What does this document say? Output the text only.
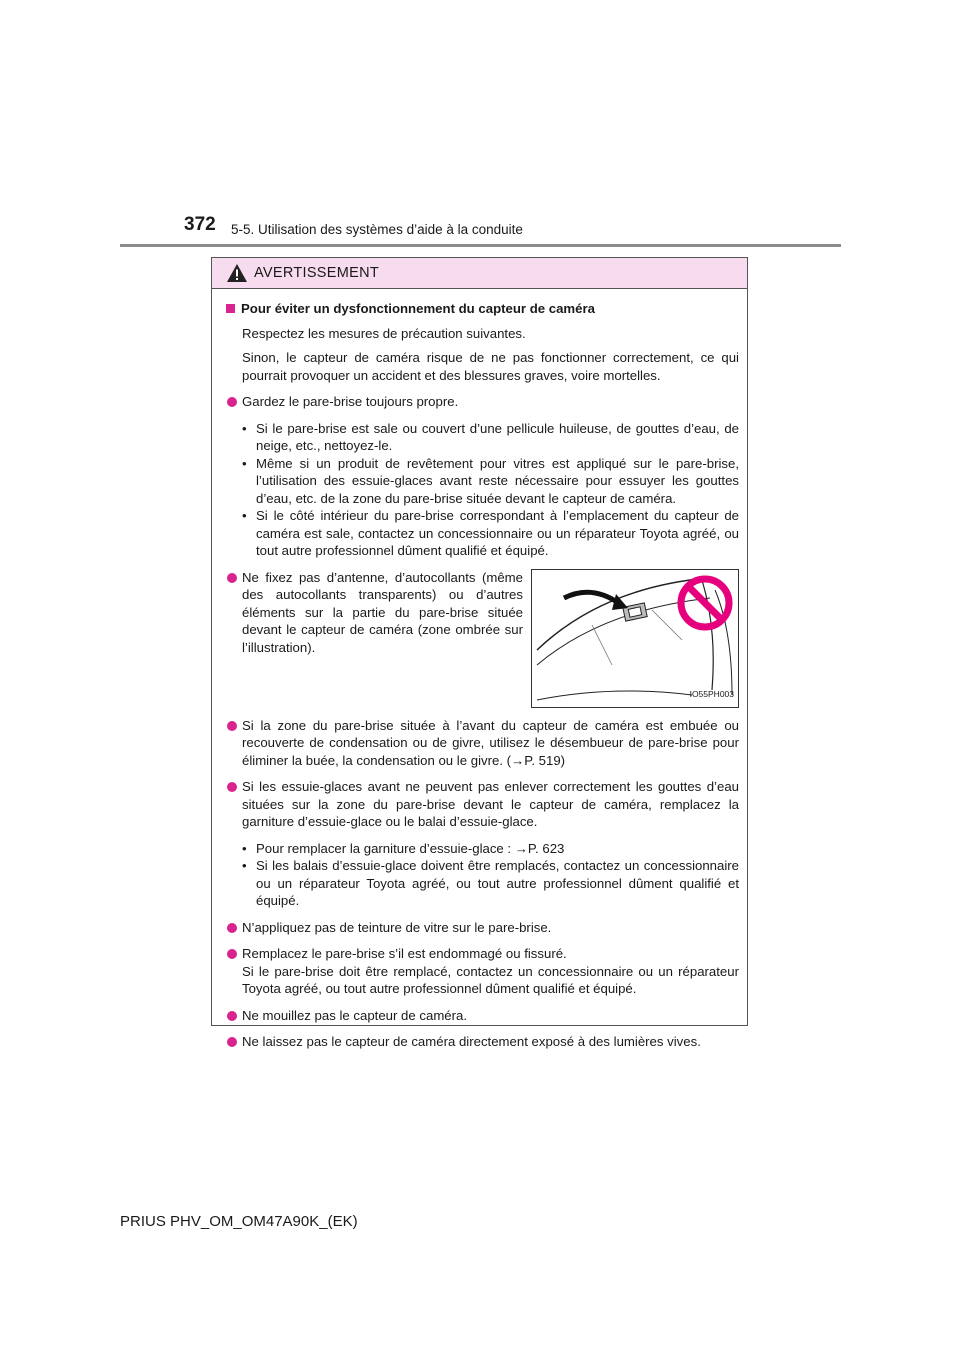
372 5-5. Utilisation des systèmes d’aide à la conduite
AVERTISSEMENT

Pour éviter un dysfonctionnement du capteur de caméra

Respectez les mesures de précaution suivantes.

Sinon, le capteur de caméra risque de ne pas fonctionner correctement, ce qui pourrait provoquer un accident et des blessures graves, voire mortelles.

Gardez le pare-brise toujours propre.
• Si le pare-brise est sale ou couvert d’une pellicule huileuse, de gouttes d’eau, de neige, etc., nettoyez-le.
• Même si un produit de revêtement pour vitres est appliqué sur le pare-brise, l’utilisation des essuie-glaces avant reste nécessaire pour essuyer les gouttes d’eau, etc. de la zone du pare-brise située devant le capteur de caméra.
• Si le côté intérieur du pare-brise correspondant à l’emplacement du capteur de caméra est sale, contactez un concessionnaire ou un réparateur Toyota agréé, ou tout autre professionnel dûment qualifié et équipé.
Ne fixez pas d’antenne, d’autocollants (même des autocollants transparents) ou d’autres éléments sur la partie du pare-brise située devant le capteur de caméra (zone ombrée sur l’illustration).
IO55PH003
Si la zone du pare-brise située à l’avant du capteur de caméra est embuée ou recouverte de condensation ou de givre, utilisez le désembueur de pare-brise pour éliminer la buée, la condensation ou le givre. (→P. 519)
Si les essuie-glaces avant ne peuvent pas enlever correctement les gouttes d’eau situées sur la zone du pare-brise devant le capteur de caméra, remplacez la garniture d’essuie-glace ou le balai d’essuie-glace.
• Pour remplacer la garniture d’essuie-glace : →P. 623
• Si les balais d’essuie-glace doivent être remplacés, contactez un concessionnaire ou un réparateur Toyota agréé, ou tout autre professionnel dûment qualifié et équipé.
N’appliquez pas de teinture de vitre sur le pare-brise.
Remplacez le pare-brise s’il est endommagé ou fissuré.
Si le pare-brise doit être remplacé, contactez un concessionnaire ou un réparateur Toyota agréé, ou tout autre professionnel dûment qualifié et équipé.
Ne mouillez pas le capteur de caméra.
Ne laissez pas le capteur de caméra directement exposé à des lumières vives.
PRIUS PHV_OM_OM47A90K_(EK)
